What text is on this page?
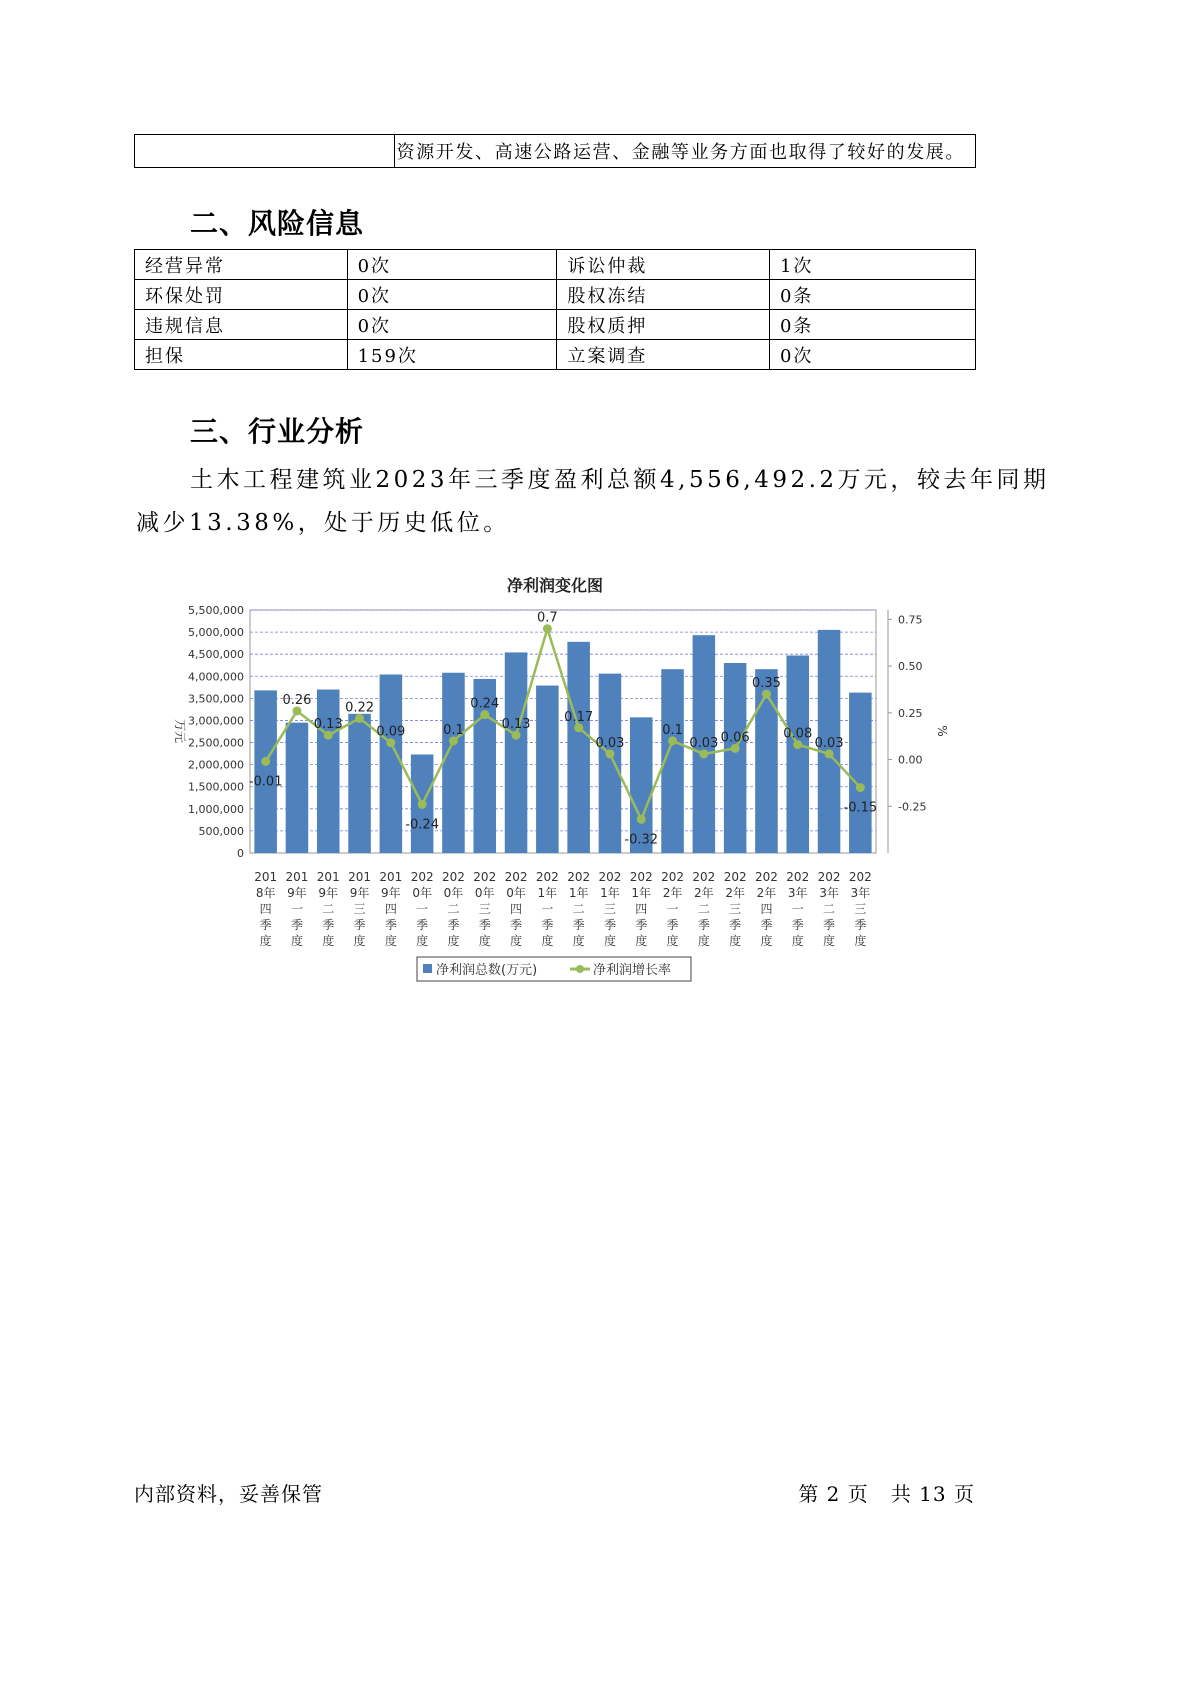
	资源开发、高速公路运营、金融等业务方面也取得了较好的发展。
二、风险信息
经营异常	0次	诉讼仲裁	1次
环保处罚	0次	股权冻结	0条
违规信息	0次	股权质押	0条
担保	159次	立案调查	0次
三、行业分析
土木工程建筑业2023年三季度盈利总额4,556,492.2万元，较去年同期
减少13.38%，处于历史低位。
净利润变化图
0
500,000
1,000,000
1,500,000
2,000,000
2,500,000
3,000,000
3,500,000
4,000,000
4,500,000
5,000,000
5,500,000
-0.25
0.00
0.25
0.50
0.75
-0.01
0.26
0.13
0.22
0.09
-0.24
0.1
0.24
0.13
0.7
0.17
0.03
-0.32
0.1
0.03 0.06
0.35
0.08
0.03
-0.15
201
8年
四
季
度
201
9年
一
季
度
201
9年
二
季
度
201
9年
三
季
度
201
9年
四
季
度
202
0年
一
季
度
202
0年
二
季
度
202
0年
三
季
度
202
0年
四
季
度
202
1年
一
季
度
202
1年
二
季
度
202
1年
三
季
度
202
1年
四
季
度
202
2年
一
季
度
202
2年
二
季
度
202
2年
三
季
度
202
2年
四
季
度
202
3年
一
季
度
202
3年
二
季
度
202
3年
三
季
度
万元	%
净利润总数(万元)	净利润增长率
内部资料，妥善保管	第 2 页   共 13 页
